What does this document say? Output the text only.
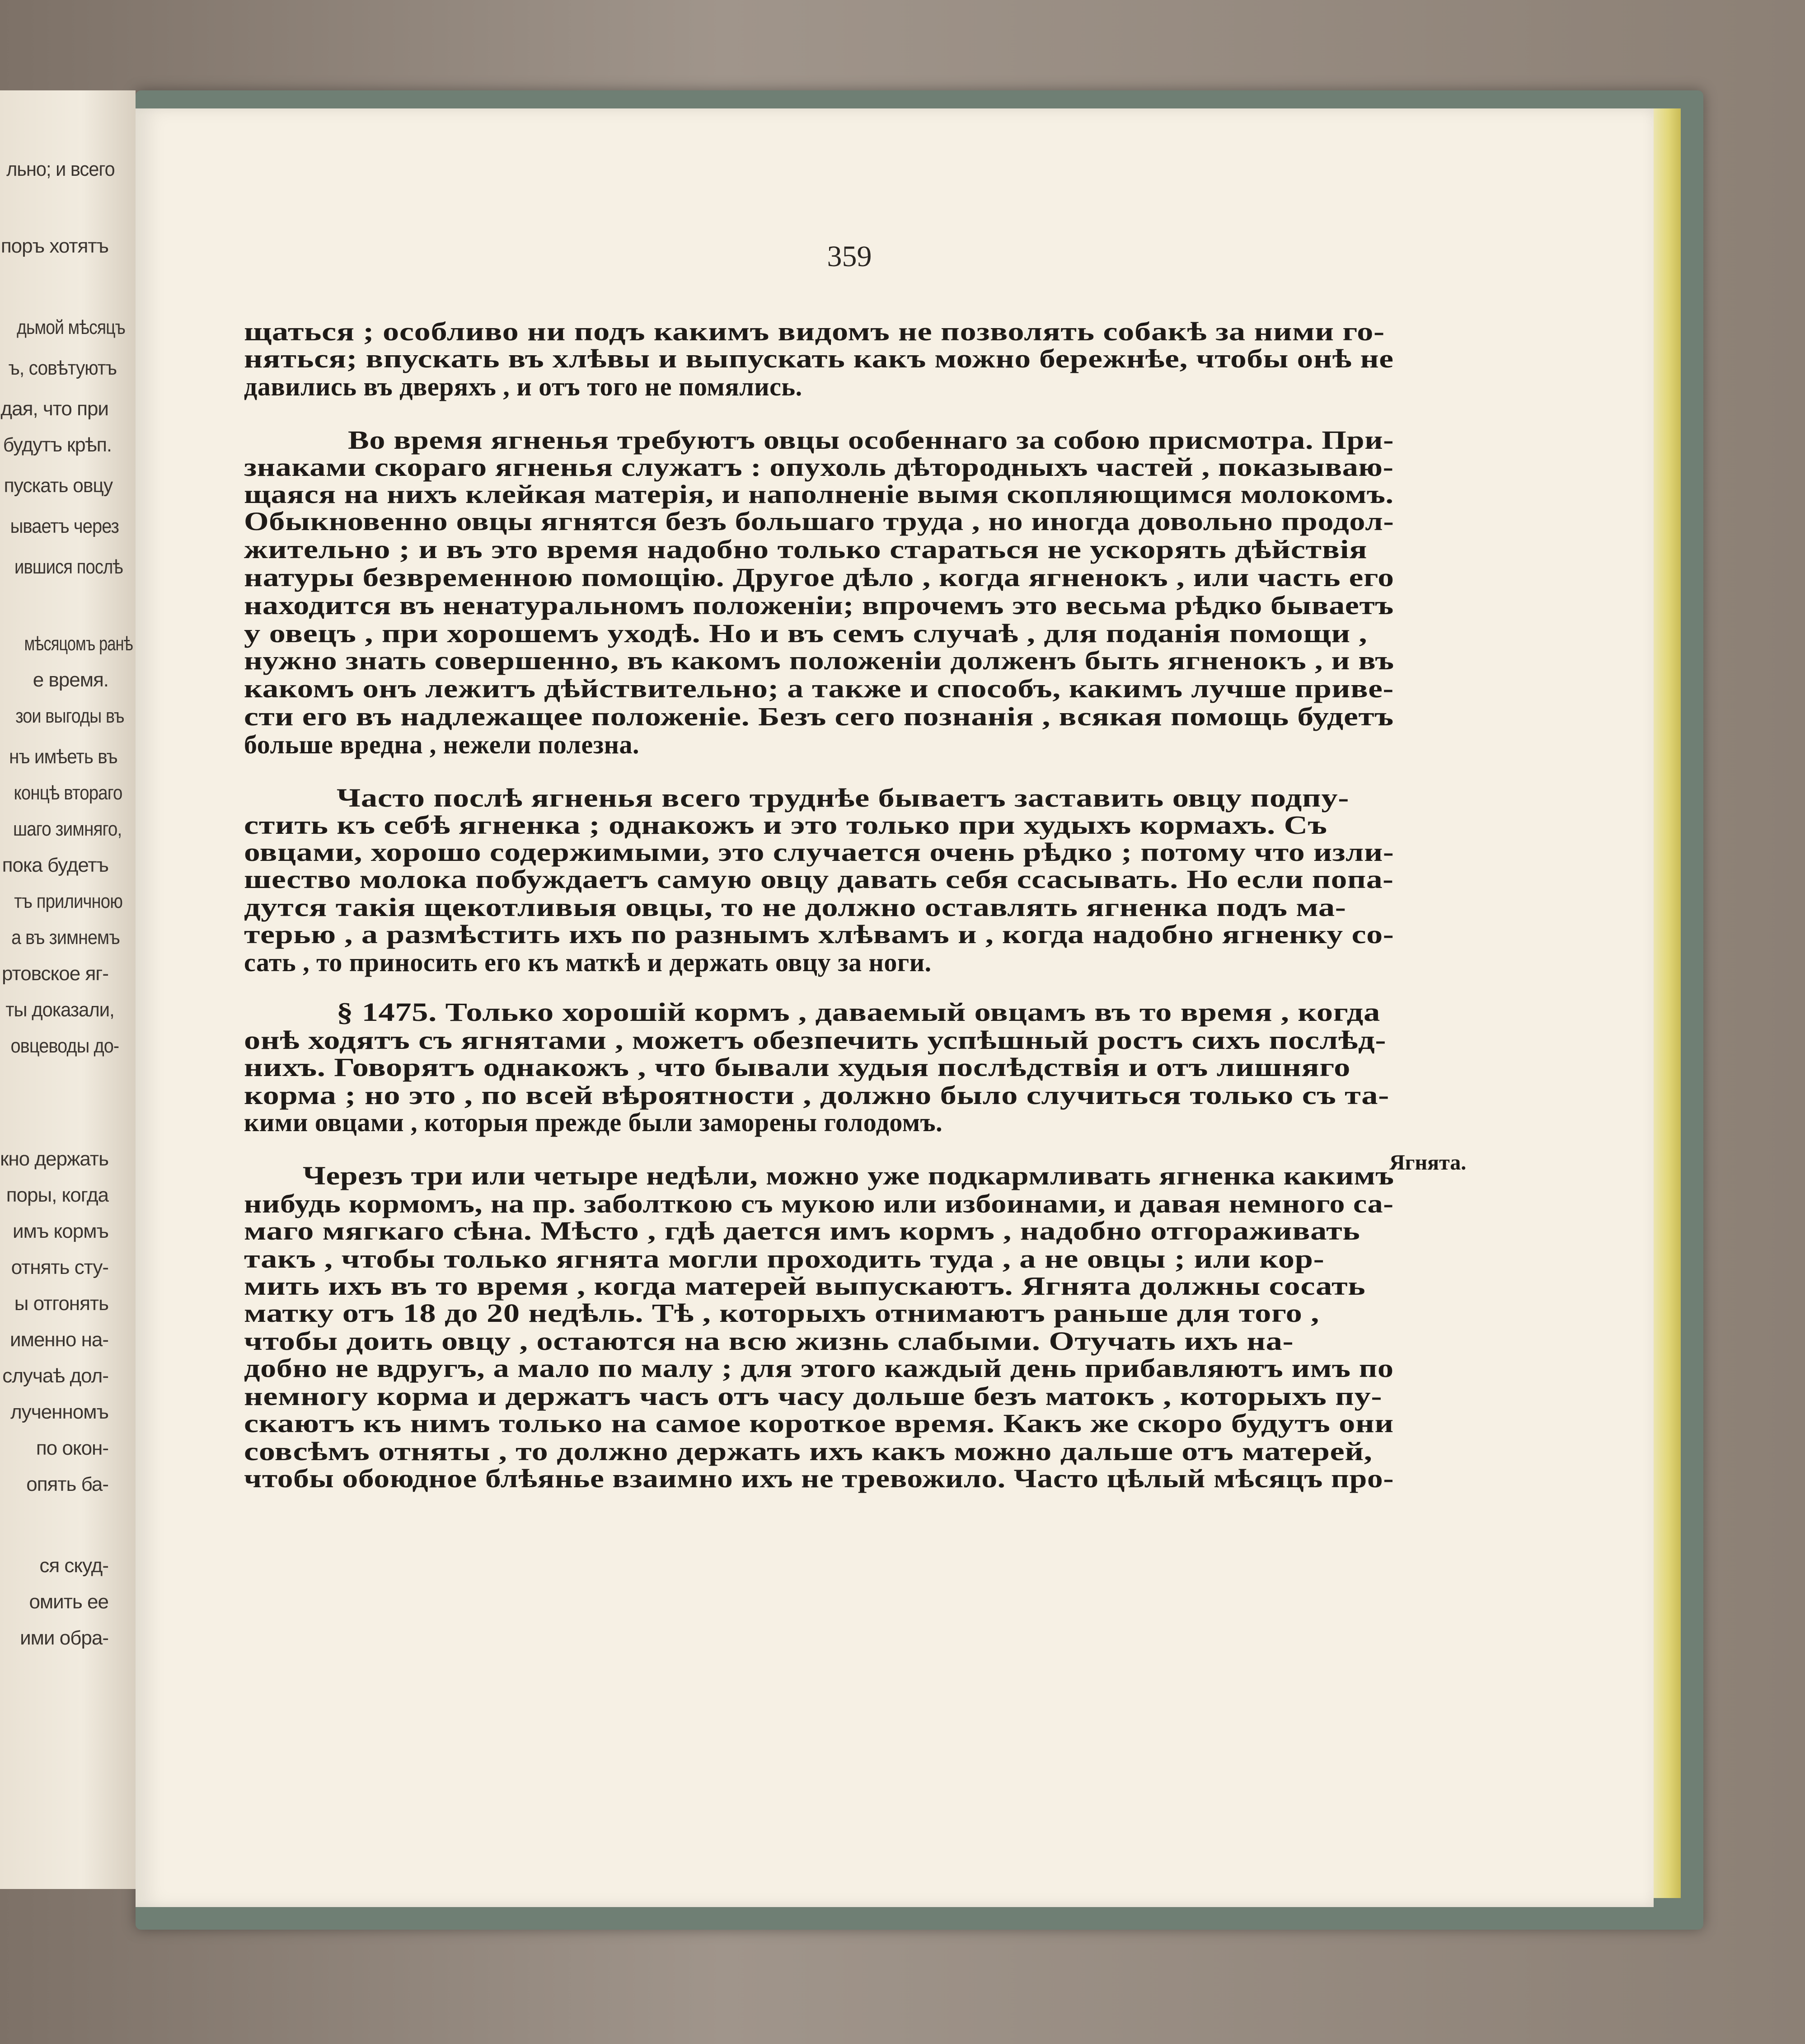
льно; и всего
поръ хотятъ
дьмой мѣсяцъ
ъ, совѣтуютъ
дая, что при
будутъ крѣп.
пускать овцу
ываетъ через
ившися послѣ
мѣсяцомъ ранѣ
е время.
зои выгоды въ
нъ имѣеть въ
концѣ втораго
шаго зимняго,
пока будетъ
тъ приличною
а въ зимнемъ
ртовское яг-
ты доказали,
овцеводы до-
кно держать
поры, когда
имъ кормъ
отнять сту-
ы отгонять
именно на-
случаѣ дол-
лученномъ
по окон-
опять ба-
ся скуд-
омить ее
ими обра-
359
щаться ; особливо ни подъ какимъ видомъ не позволять собакѣ за ними го-
няться; впускать въ хлѣвы и выпускать какъ можно бережнѣе, чтобы онѣ не
давились въ дверяхъ , и отъ того не помялись.
Во время ягненья требуютъ овцы особеннаго за собою присмотра. При-
знаками скораго ягненья служатъ : опухоль дѣтородныхъ частей , показываю-
щаяся на нихъ клейкая матерія, и наполненіе вымя скопляющимся молокомъ.
Обыкновенно овцы ягнятся безъ большаго труда , но иногда довольно продол-
жительно ; и въ это время надобно только стараться не ускорять дѣйствія
натуры безвременною помощію. Другое дѣло , когда ягненокъ , или часть его
находится въ ненатуральномъ положеніи; впрочемъ это весьма рѣдко бываетъ
у овецъ , при хорошемъ уходѣ. Но и въ семъ случаѣ , для поданія помощи ,
нужно знать совершенно, въ какомъ положеніи долженъ быть ягненокъ , и въ
какомъ онъ лежитъ дѣйствительно; а также и способъ, какимъ лучше приве-
сти его въ надлежащее положеніе. Безъ сего познанія , всякая помощь будетъ
больше вредна , нежели полезна.
Часто послѣ ягненья всего труднѣе бываетъ заставить овцу подпу-
стить къ себѣ ягненка ; однакожъ и это только при худыхъ кормахъ. Съ
овцами, хорошо содержимыми, это случается очень рѣдко ; потому что изли-
шество молока побуждаетъ самую овцу давать себя ссасывать. Но если попа-
дутся такія щекотливыя овцы, то не должно оставлять ягненка подъ ма-
терью , а размѣстить ихъ по разнымъ хлѣвамъ и , когда надобно ягненку со-
сать , то приносить его къ маткѣ и держать овцу за ноги.
§ 1475. Только хорошій кормъ , даваемый овцамъ въ то время , когда
онѣ ходятъ съ ягнятами , можетъ обезпечить успѣшный ростъ сихъ послѣд-
нихъ. Говорятъ однакожъ , что бывали худыя послѣдствія и отъ лишняго
корма ; но это , по всей вѣроятности , должно было случиться только съ та-
кими овцами , которыя прежде были заморены голодомъ.
Черезъ три или четыре недѣли, можно уже подкармливать ягненка какимъ
нибудь кормомъ, на пр. заболткою съ мукою или избоинами, и давая немного са-
маго мягкаго сѣна. Мѣсто , гдѣ дается имъ кормъ , надобно отгораживать
такъ , чтобы только ягнята могли проходить туда , а не овцы ; или кор-
мить ихъ въ то время , когда матерей выпускаютъ. Ягнята должны сосать
матку отъ 18 до 20 недѣль. Тѣ , которыхъ отнимаютъ раньше для того ,
чтобы доить овцу , остаются на всю жизнь слабыми. Отучать ихъ на-
добно не вдругъ, а мало по малу ; для этого каждый день прибавляютъ имъ по
немногу корма и держатъ часъ отъ часу дольше безъ матокъ , которыхъ пу-
скаютъ къ нимъ только на самое короткое время. Какъ же скоро будутъ они
совсѣмъ отняты , то должно держать ихъ какъ можно дальше отъ матерей,
чтобы обоюдное блѣянье взаимно ихъ не тревожило. Часто цѣлый мѣсяцъ про-
Ягнята.
